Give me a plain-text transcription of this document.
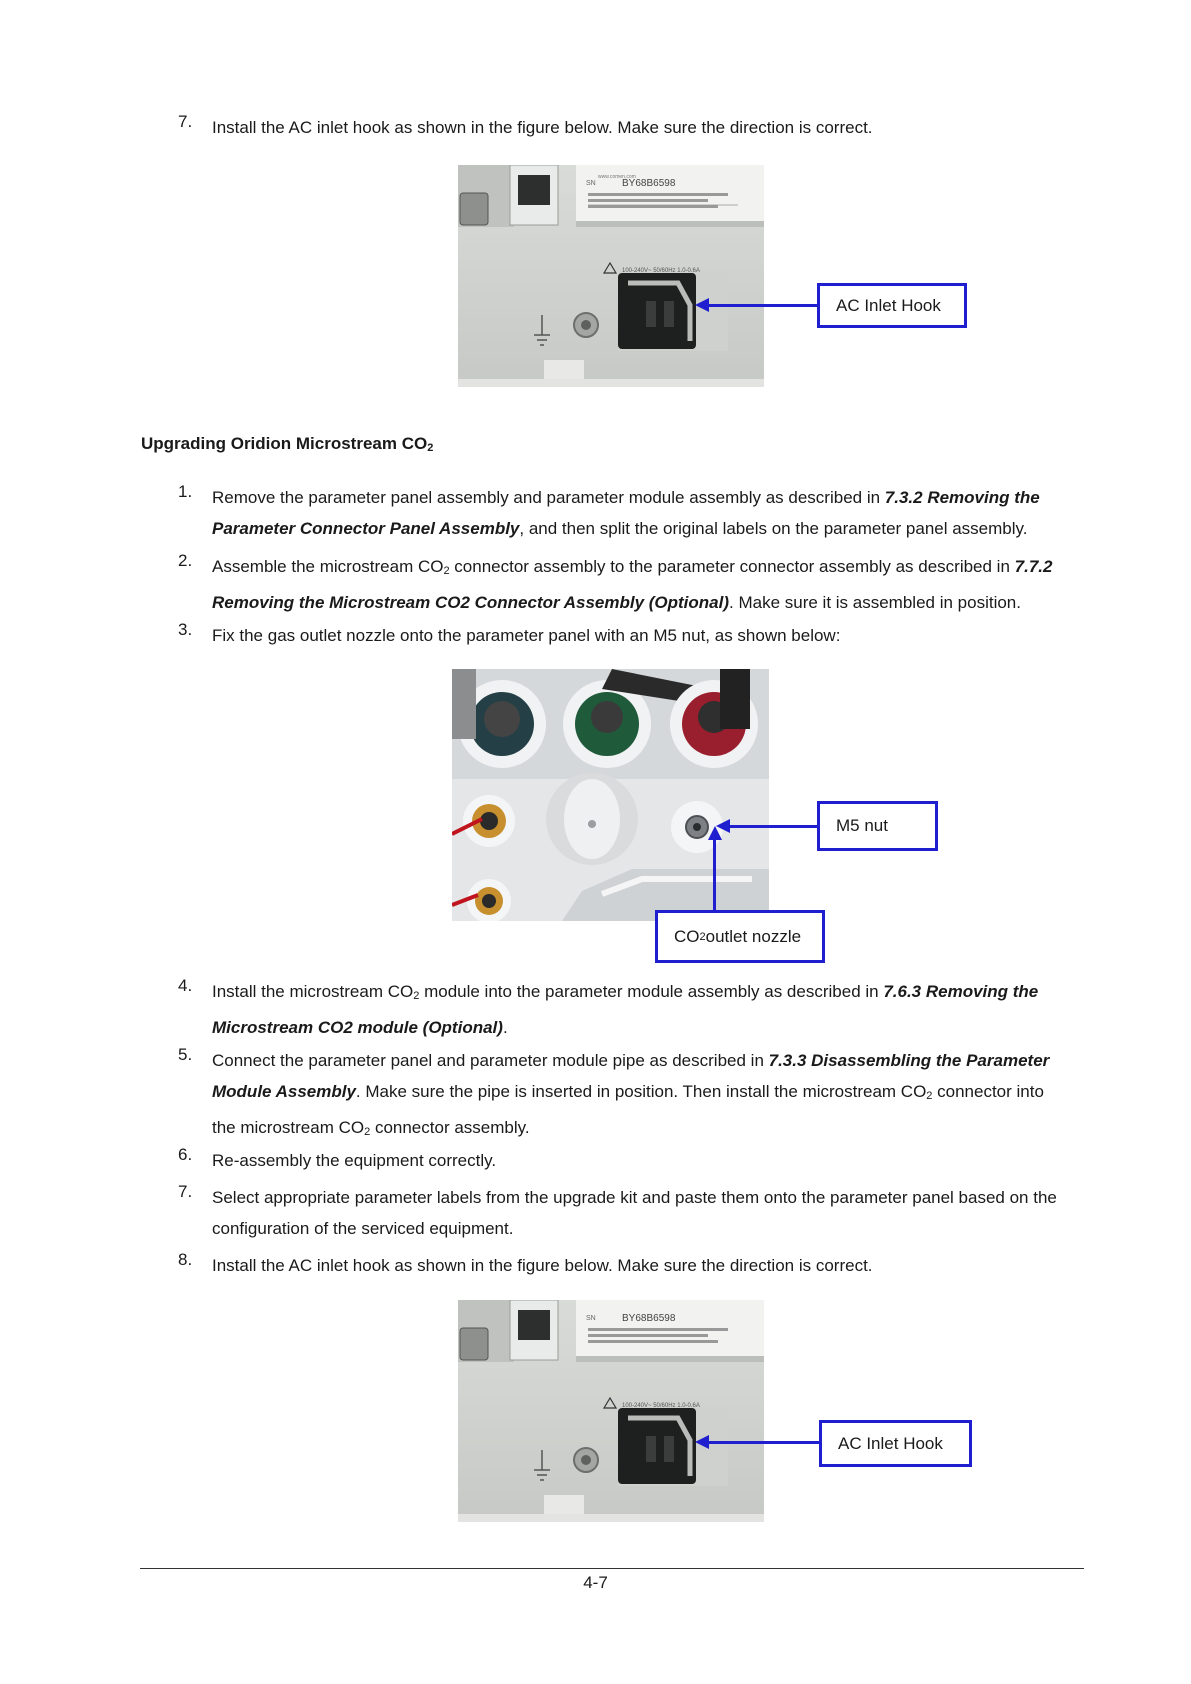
7. Install the AC inlet hook as shown in the figure below. Make sure the direction is correct.
www.comen.com
SN	BY68B6598
100-240V~ 50/60Hz 1.0-0.6A
AC Inlet Hook
Upgrading Oridion Microstream $CO_2$
1. Remove the parameter panel assembly and parameter module assembly as described in 7.3.2 Removing the Parameter Connector Panel Assembly, and then split the original labels on the parameter panel assembly.
2. Assemble the microstream $CO_2$ connector assembly to the parameter connector assembly as described in 7.7.2 Removing the Microstream CO2 Connector Assembly (Optional). Make sure it is assembled in position.
3. Fix the gas outlet nozzle onto the parameter panel with an M5 nut, as shown below:
M5 nut
CO 2 outlet nozzle
4. Install the microstream $CO_2$ module into the parameter module assembly as described in 7.6.3 Removing the Microstream CO2 module (Optional).
5. Connect the parameter panel and parameter module pipe as described in 7.3.3 Disassembling the Parameter Module Assembly. Make sure the pipe is inserted in position. Then install the microstream $CO_2$ connector into the microstream $CO_2$ connector assembly.
6. Re-assembly the equipment correctly.
7. Select appropriate parameter labels from the upgrade kit and paste them onto the parameter panel based on the configuration of the serviced equipment.
8. Install the AC inlet hook as shown in the figure below. Make sure the direction is correct.
SN	BY68B6598
100-240V~ 50/60Hz 1.0-0.6A
AC Inlet Hook
4-7
